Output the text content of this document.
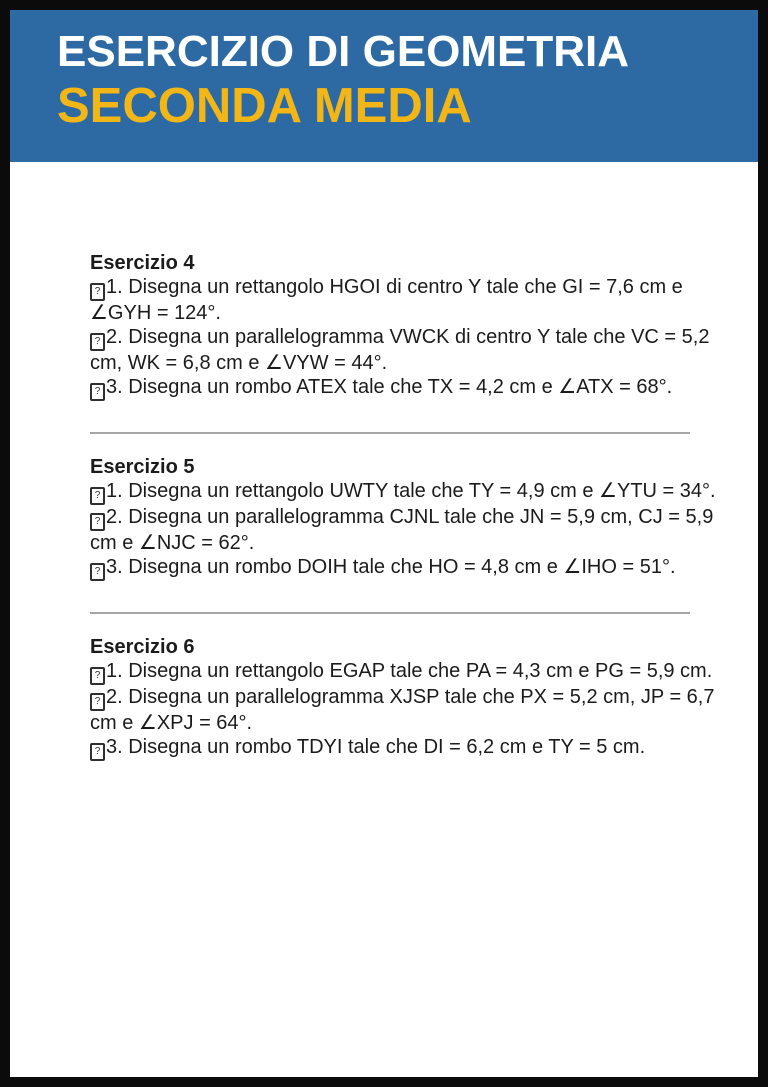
ESERCIZIO DI GEOMETRIA
SECONDA MEDIA
Esercizio 4

? 1. Disegna un rettangolo HGOI di centro Y tale che GI = 7,6 cm e ∠GYH = 124°.

? 2. Disegna un parallelogramma VWCK di centro Y tale che VC = 5,2 cm, WK = 6,8 cm e ∠VYW = 44°.

? 3. Disegna un rombo ATEX tale che TX = 4,2 cm e ∠ATX = 68°.

Esercizio 5

? 1. Disegna un rettangolo UWTY tale che TY = 4,9 cm e ∠YTU = 34°.

? 2. Disegna un parallelogramma CJNL tale che JN = 5,9 cm, CJ = 5,9 cm e ∠NJC = 62°.

? 3. Disegna un rombo DOIH tale che HO = 4,8 cm e ∠IHO = 51°.

Esercizio 6

? 1. Disegna un rettangolo EGAP tale che PA = 4,3 cm e PG = 5,9 cm.

? 2. Disegna un parallelogramma XJSP tale che PX = 5,2 cm, JP = 6,7 cm e ∠XPJ = 64°.

? 3. Disegna un rombo TDYI tale che DI = 6,2 cm e TY = 5 cm.
